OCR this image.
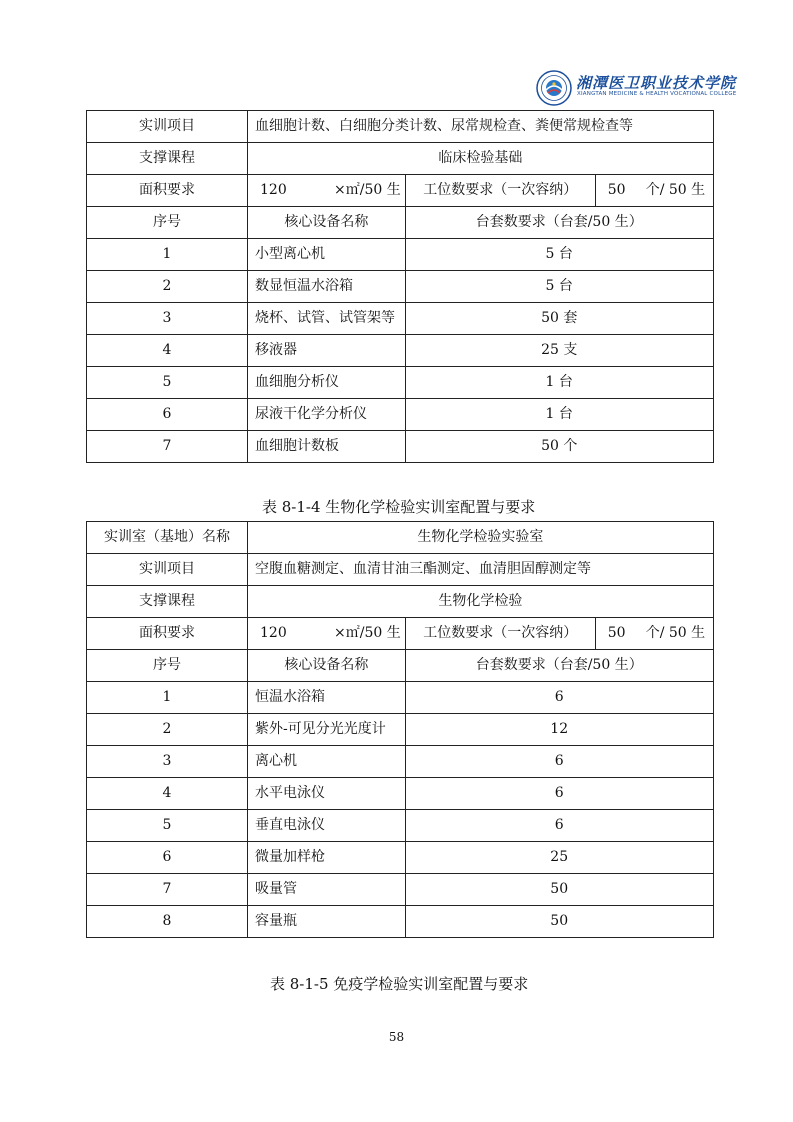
湘潭医卫职业技术学院
XIANGTAN MEDICINE & HEALTH VOCATIONAL COLLEGE
实训项目	血细胞计数、白细胞分类计数、尿常规检查、粪便常规检查等		
支撑课程	临床检验基础		
面积要求	120 ×㎡/50 生	工位数要求（一次容纳）	50 个/ 50 生
序号	核心设备名称	台套数要求（台套/50 生）	
1	小型离心机	5 台	
2	数显恒温水浴箱	5 台	
3	烧杯、试管、试管架等	50 套	
4	移液器	25 支	
5	血细胞分析仪	1 台	
6	尿液干化学分析仪	1 台	
7	血细胞计数板	50 个	
表 8-1-4 生物化学检验实训室配置与要求
实训室（基地）名称	生物化学检验实验室		
实训项目	空腹血糖测定、血清甘油三酯测定、血清胆固醇测定等		
支撑课程	生物化学检验		
面积要求	120 ×㎡/50 生	工位数要求（一次容纳）	50 个/ 50 生
序号	核心设备名称	台套数要求（台套/50 生）	
1	恒温水浴箱	6	
2	紫外-可见分光光度计	12	
3	离心机	6	
4	水平电泳仪	6	
5	垂直电泳仪	6	
6	微量加样枪	25	
7	吸量管	50	
8	容量瓶	50	
表 8-1-5 免疫学检验实训室配置与要求
58
